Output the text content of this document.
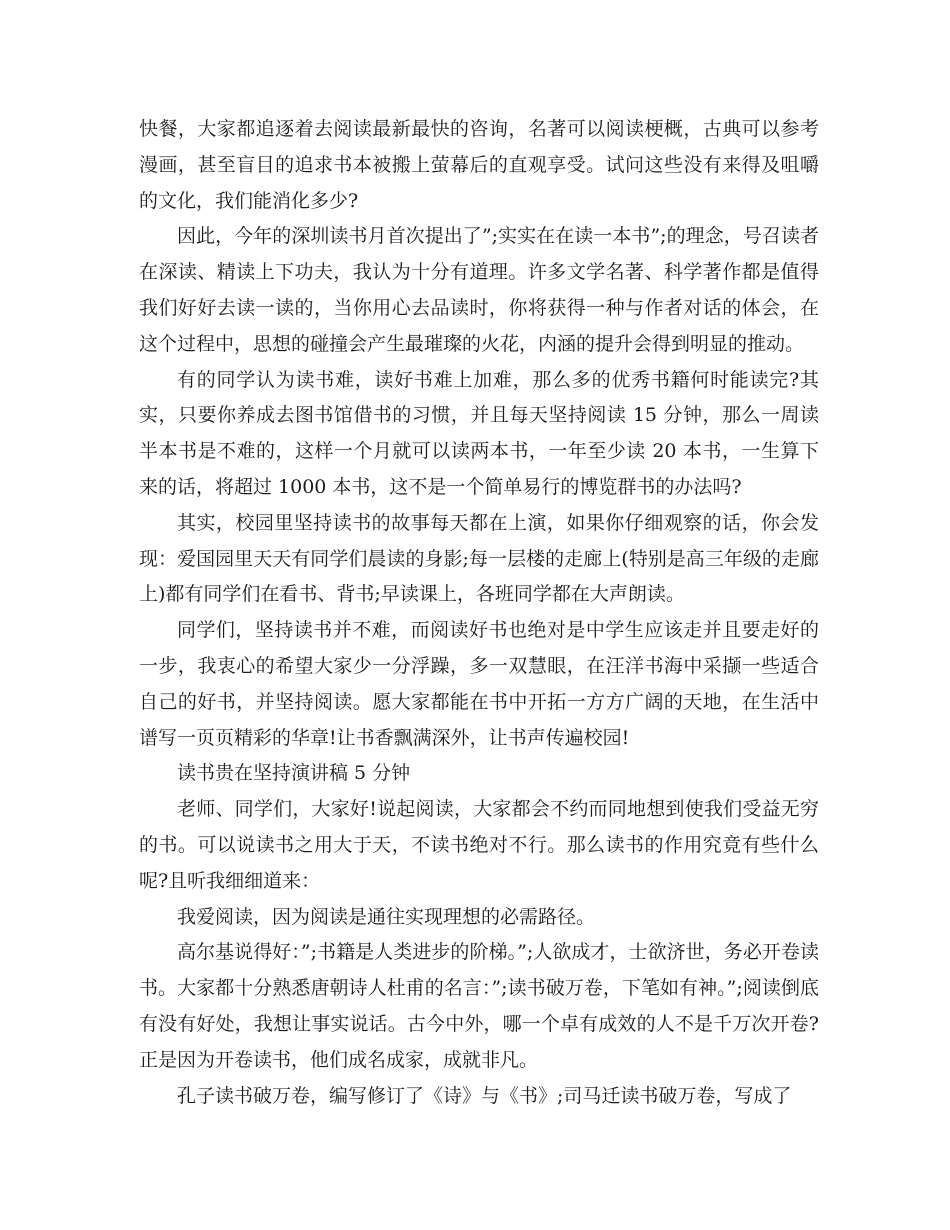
快餐，大家都追逐着去阅读最新最快的咨询，名著可以阅读梗概，古典可以参考漫画，甚至盲目的追求书本被搬上萤幕后的直观享受。试问这些没有来得及咀嚼的文化，我们能消化多少?

因此，今年的深圳读书月首次提出了”;实实在在读一本书”;的理念，号召读者在深读、精读上下功夫，我认为十分有道理。许多文学名著、科学著作都是值得我们好好去读一读的，当你用心去品读时，你将获得一种与作者对话的体会，在这个过程中，思想的碰撞会产生最璀璨的火花，内涵的提升会得到明显的推动。

有的同学认为读书难，读好书难上加难，那么多的优秀书籍何时能读完?其实，只要你养成去图书馆借书的习惯，并且每天坚持阅读 15 分钟，那么一周读半本书是不难的，这样一个月就可以读两本书，一年至少读 20 本书，一生算下来的话，将超过 1000 本书，这不是一个简单易行的博览群书的办法吗?

其实，校园里坚持读书的故事每天都在上演，如果你仔细观察的话，你会发现：爱国园里天天有同学们晨读的身影;每一层楼的走廊上(特别是高三年级的走廊上)都有同学们在看书、背书;早读课上，各班同学都在大声朗读。

同学们，坚持读书并不难，而阅读好书也绝对是中学生应该走并且要走好的一步，我衷心的希望大家少一分浮躁，多一双慧眼，在汪洋书海中采撷一些适合自己的好书，并坚持阅读。愿大家都能在书中开拓一方方广阔的天地，在生活中谱写一页页精彩的华章!让书香飘满深外，让书声传遍校园!

读书贵在坚持演讲稿 5 分钟

老师、同学们，大家好!说起阅读，大家都会不约而同地想到使我们受益无穷的书。可以说读书之用大于天，不读书绝对不行。那么读书的作用究竟有些什么呢?且听我细细道来：

我爱阅读，因为阅读是通往实现理想的必需路径。

高尔基说得好：”;书籍是人类进步的阶梯。”;人欲成才，士欲济世，务必开卷读书。大家都十分熟悉唐朝诗人杜甫的名言：”;读书破万卷，下笔如有神。”;阅读倒底有没有好处，我想让事实说话。古今中外，哪一个卓有成效的人不是千万次开卷?正是因为开卷读书，他们成名成家，成就非凡。

孔子读书破万卷，编写修订了《诗》与《书》;司马迁读书破万卷，写成了
